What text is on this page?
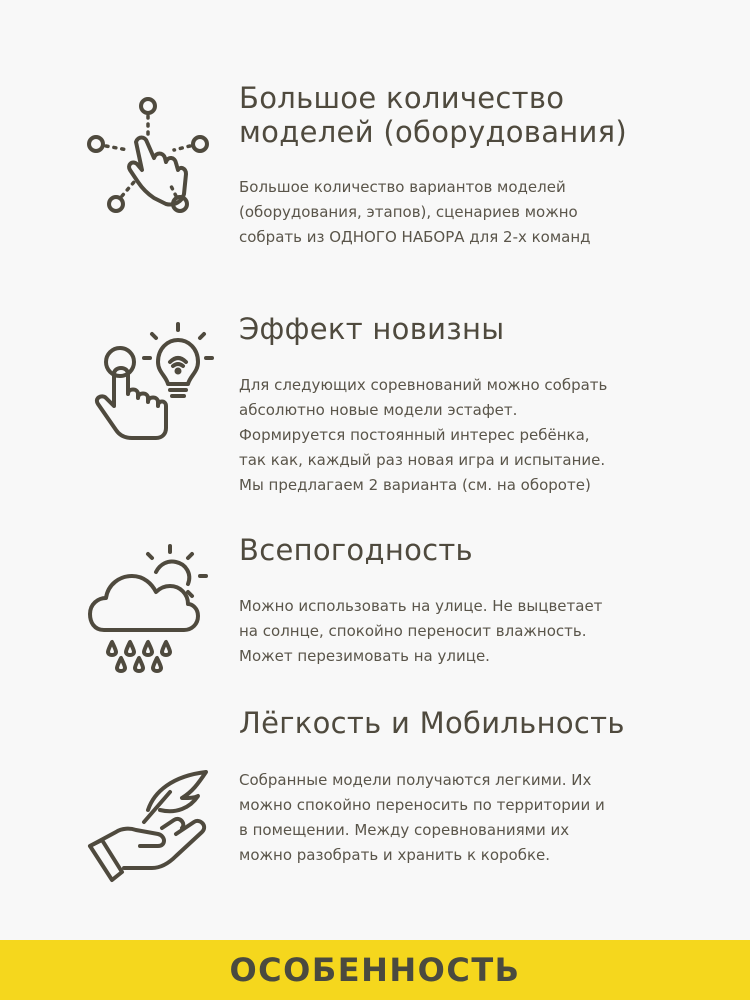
Большое количество
моделей (оборудования)
Большое количество вариантов моделей
(оборудования, этапов), сценариев можно
собрать из ОДНОГО НАБОРА для 2-х команд
Эффект новизны
Для следующих соревнований можно собрать
абсолютно новые модели эстафет.
Формируется постоянный интерес ребёнка,
так как, каждый раз новая игра и испытание.
Мы предлагаем 2 варианта (см. на обороте)
Всепогодность
Можно использовать на улице. Не выцветает
на солнце, спокойно переносит влажность.
Может перезимовать на улице.
Лёгкость и Мобильность
Собранные модели получаются легкими. Их
можно спокойно переносить по территории и
в помещении. Между соревнованиями их
можно разобрать и хранить к коробке.
ОСОБЕННОСТЬ
